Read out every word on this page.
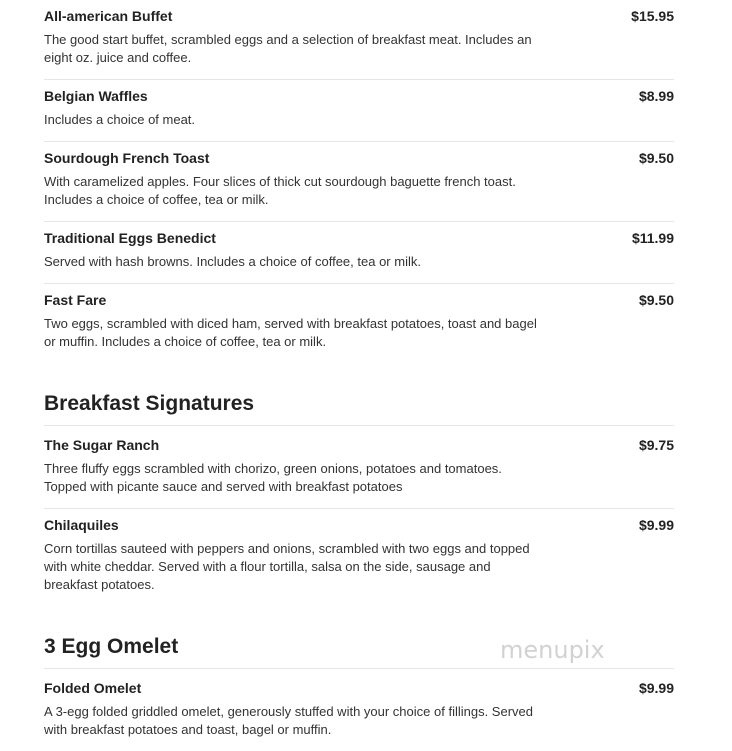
All-american Buffet	$15.95

The good start buffet, scrambled eggs and a selection of breakfast meat. Includes an eight oz. juice and coffee.

Belgian Waffles	$8.99

Includes a choice of meat.

Sourdough French Toast	$9.50

With caramelized apples. Four slices of thick cut sourdough baguette french toast. Includes a choice of coffee, tea or milk.

Traditional Eggs Benedict	$11.99

Served with hash browns. Includes a choice of coffee, tea or milk.

Fast Fare	$9.50

Two eggs, scrambled with diced ham, served with breakfast potatoes, toast and bagel or muffin. Includes a choice of coffee, tea or milk.

Breakfast Signatures
The Sugar Ranch	$9.75

Three fluffy eggs scrambled with chorizo, green onions, potatoes and tomatoes. Topped with picante sauce and served with breakfast potatoes

Chilaquiles	$9.99

Corn tortillas sauteed with peppers and onions, scrambled with two eggs and topped with white cheddar. Served with a flour tortilla, salsa on the side, sausage and breakfast potatoes.

3 Egg Omelet
Folded Omelet	$9.99

A 3-egg folded griddled omelet, generously stuffed with your choice of fillings. Served with breakfast potatoes and toast, bagel or muffin.

menupix
